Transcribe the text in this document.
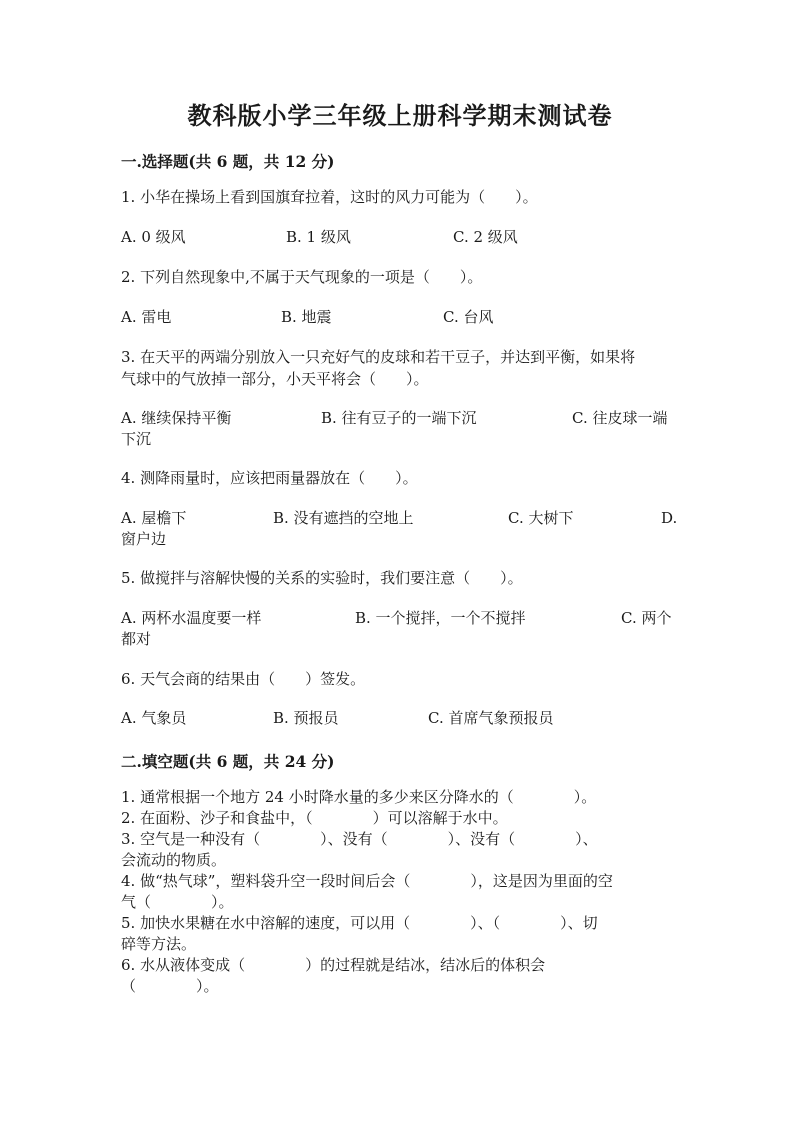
教科版小学三年级上册科学期末测试卷
一.选择题(共 6 题，共 12 分)
1. 小华在操场上看到国旗耷拉着，这时的风力可能为（　　）。
A. 0 级风	B. 1 级风	C. 2 级风
2. 下列自然现象中,不属于天气现象的一项是（　　）。
A. 雷电	B. 地震	C. 台风
3. 在天平的两端分别放入一只充好气的皮球和若干豆子，并达到平衡，如果将
气球中的气放掉一部分，小天平将会（　　）。
A. 继续保持平衡	B. 往有豆子的一端下沉	C. 往皮球一端
下沉
4. 测降雨量时，应该把雨量器放在（　　）。
A. 屋檐下	B. 没有遮挡的空地上	C. 大树下	D.
窗户边
5. 做搅拌与溶解快慢的关系的实验时，我们要注意（　　）。
A. 两杯水温度要一样	B. 一个搅拌，一个不搅拌	C. 两个
都对
6. 天气会商的结果由（　　）签发。
A. 气象员	B. 预报员	C. 首席气象预报员
二.填空题(共 6 题，共 24 分)
1. 通常根据一个地方 24 小时降水量的多少来区分降水的（　　　　）。
2. 在面粉、沙子和食盐中，（　　　　）可以溶解于水中。
3. 空气是一种没有（　　　　）、没有（　　　　）、没有（　　　　）、
会流动的物质。
4. 做“热气球”，塑料袋升空一段时间后会（　　　　），这是因为里面的空
气（　　　　）。
5. 加快水果糖在水中溶解的速度，可以用（　　　　）、（　　　　）、切
碎等方法。
6. 水从液体变成（　　　　）的过程就是结冰，结冰后的体积会
（　　　　）。
